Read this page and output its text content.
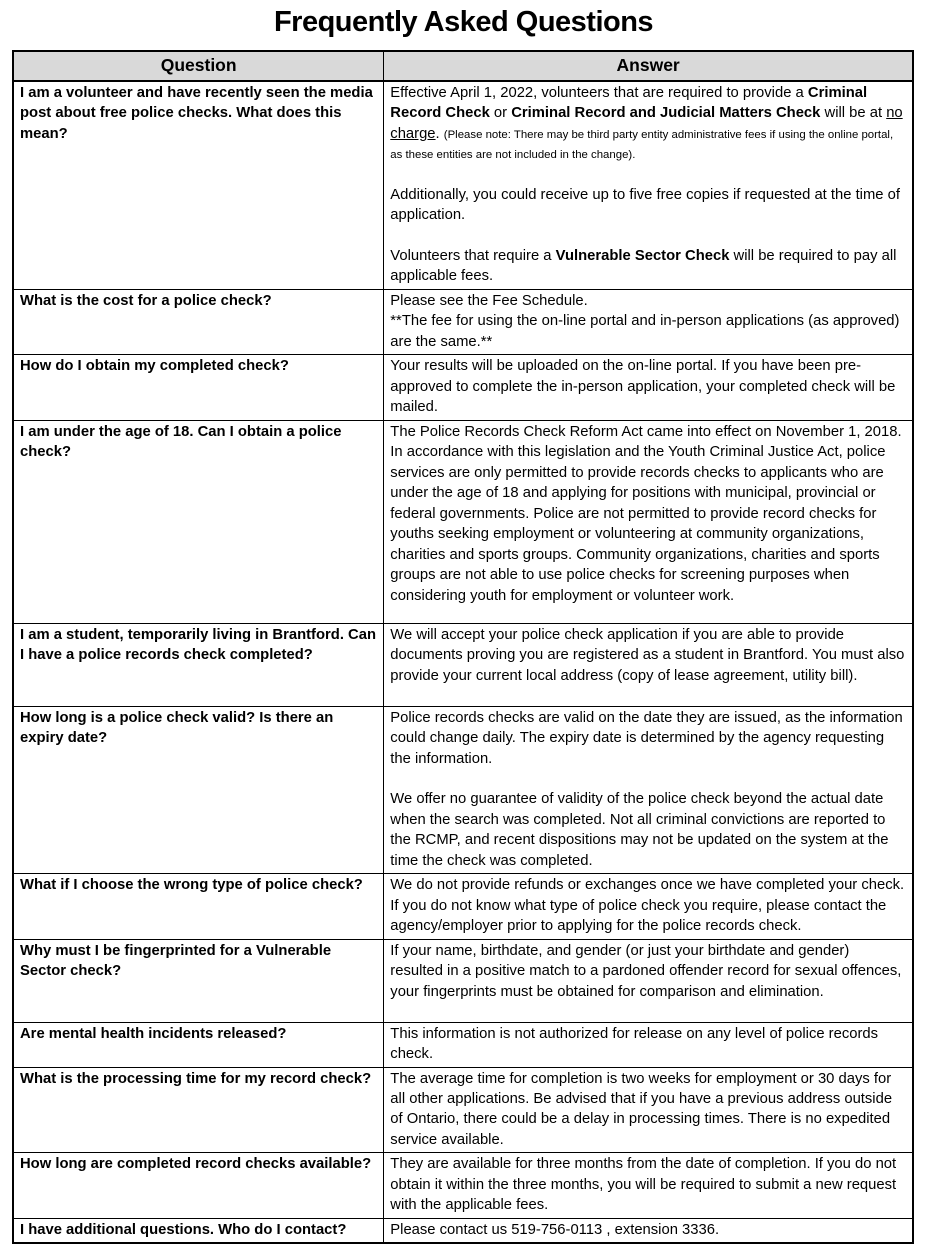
Frequently Asked Questions
Question	Answer
I am a volunteer and have recently seen the media post about free police checks. What does this mean?	Effective April 1, 2022, volunteers that are required to provide a Criminal Record Check or Criminal Record and Judicial Matters Check will be at no charge. (Please note: There may be third party entity administrative fees if using the online portal, as these entities are not included in the change).
Additionally, you could receive up to five free copies if requested at the time of application.
Volunteers that require a Vulnerable Sector Check will be required to pay all applicable fees.

What is the cost for a police check?	Please see the Fee Schedule.
**The fee for using the on-line portal and in-person applications (as approved) are the same.**

How do I obtain my completed check?	Your results will be uploaded on the on-line portal. If you have been pre-approved to complete the in-person application, your completed check will be mailed.

I am under the age of 18. Can I obtain a police check?	The Police Records Check Reform Act came into effect on November 1, 2018. In accordance with this legislation and the Youth Criminal Justice Act, police services are only permitted to provide records checks to applicants who are under the age of 18 and applying for positions with municipal, provincial or federal governments. Police are not permitted to provide record checks for youths seeking employment or volunteering at community organizations, charities and sports groups. Community organizations, charities and sports groups are not able to use police checks for screening purposes when considering youth for employment or volunteer work.

I am a student, temporarily living in Brantford. Can I have a police records check completed?	We will accept your police check application if you are able to provide documents proving you are registered as a student in Brantford. You must also provide your current local address (copy of lease agreement, utility bill).

How long is a police check valid? Is there an expiry date?	Police records checks are valid on the date they are issued, as the information could change daily. The expiry date is determined by the agency requesting the information.
We offer no guarantee of validity of the police check beyond the actual date when the search was completed. Not all criminal convictions are reported to the RCMP, and recent dispositions may not be updated on the system at the time the check was completed.

What if I choose the wrong type of police check?	We do not provide refunds or exchanges once we have completed your check. If you do not know what type of police check you require, please contact the agency/employer prior to applying for the police records check.

Why must I be fingerprinted for a Vulnerable Sector check?	If your name, birthdate, and gender (or just your birthdate and gender) resulted in a positive match to a pardoned offender record for sexual offences, your fingerprints must be obtained for comparison and elimination.

Are mental health incidents released?	This information is not authorized for release on any level of police records check.

What is the processing time for my record check?	The average time for completion is two weeks for employment or 30 days for all other applications. Be advised that if you have a previous address outside of Ontario, there could be a delay in processing times. There is no expedited service available.

How long are completed record checks available?	They are available for three months from the date of completion. If you do not obtain it within the three months, you will be required to submit a new request with the applicable fees.

I have additional questions. Who do I contact?	Please contact us 519-756-0113 , extension 3336.
